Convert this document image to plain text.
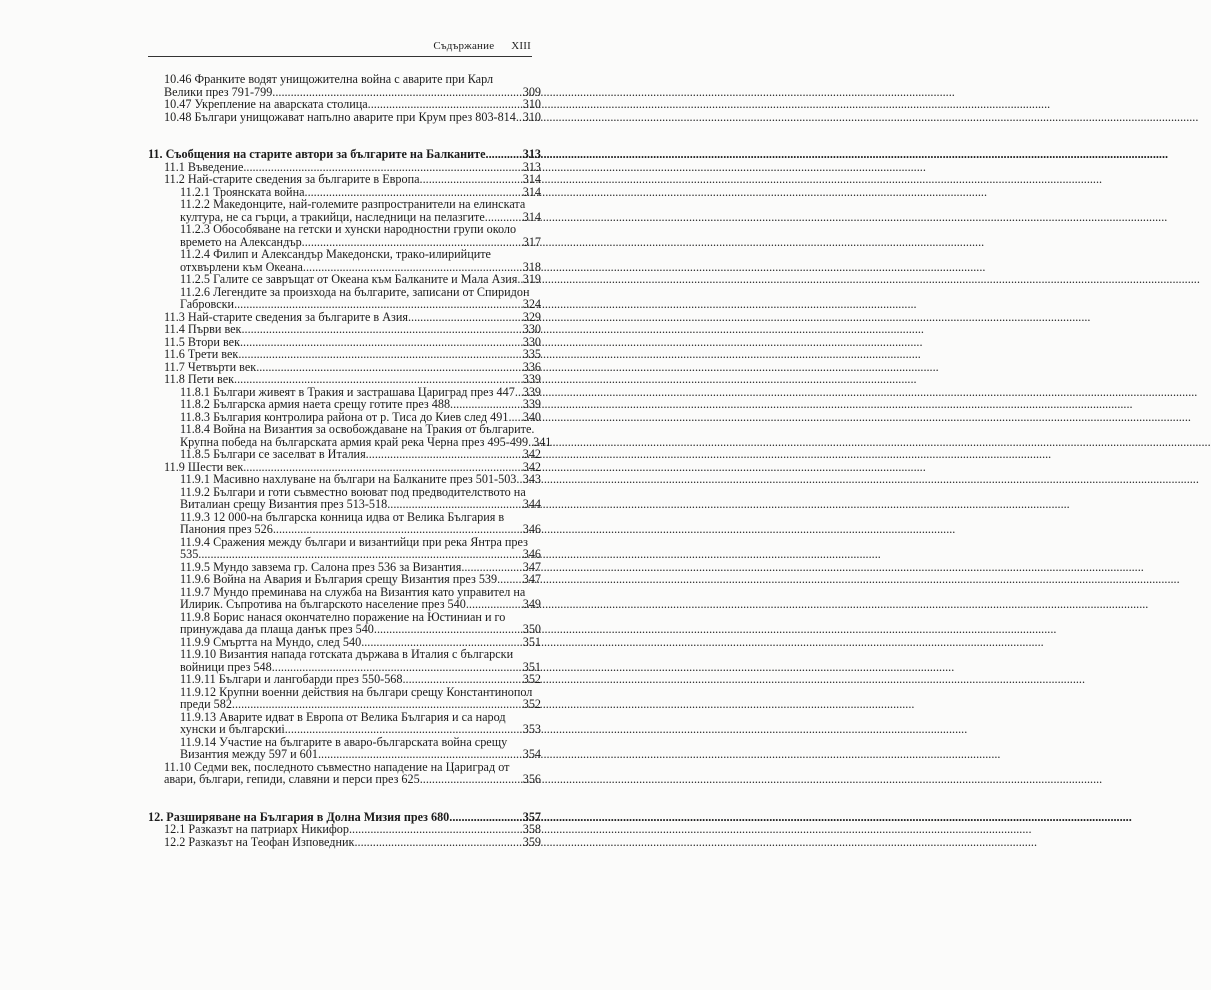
Съдържание XIII
10.46 Франките водят унищожителна война с аварите при Карл
Велики през 791-799 .....	309
10.47 Укрепление на аварската столица .....	310
10.48 Българи унищожават напълно аварите при Крум през 803-814 ..... 310
11. Съобщения на старите автори за българите на Балканите .....	313
11.1 Въведение .....	313
11.2 Най-старите сведения за българите в Европа .....	314
11.2.1 Троянската война .....	314
11.2.2 Македонците, най-големите разпространители на елинската
култура, не са гърци, а тракийци, наследници на пелазгите .....	314
11.2.3 Обособяване на гетски и хунски народностни групи около
времето на Александър .....	317
11.2.4 Филип и Александър Македонски, тракo-илирийците
отхвърлени към Океана .....	318
11.2.5 Галите се завръщат от Океана към Балканите и Мала Азия ..... 319
11.2.6 Легендите за произхода на българите, записани от Спиридон
Габровски .....	324
11.3 Най-старите сведения за българите в Азия .....	329
11.4 Първи век .....	330
11.5 Втори век .....	330
11.6 Трети век .....	335
11.7 Четвърти век .....	336
11.8 Пети век .....	339
11.8.1 Българи живеят в Тракия и застрашава Цариград през 447 ..... 339
11.8.2 Българска армия наета срещу готите през 488 .....	339
11.8.3 България контролира района от р. Тиса до Киев след 491 ..... 340
11.8.4 Война на Византия за освобождаване на Тракия от българите.
Крупна победа на българската армия край река Черна през 495-499 ..... 341
11.8.5 Българи се заселват в Италия. .....	342
11.9 Шести век .....	342
11.9.1 Масивно нахлуване на българи на Балканите през 501-503 ..... 343
11.9.2 Българи и готи съвместно воюват под предводителството на
Виталиан срещу Византия през 513-518 .....	344
11.9.3 12 000-на българска конница идва от Велика България в
Панония през 526 .....	346
11.9.4 Сражения между българи и византийци при река Янтра през
535 .....	346
11.9.5 Мундо завзема гр. Салона през 536 за Византия .....	347
11.9.6 Война на Авария и България срещу Византия през 539 ..... 347
11.9.7 Мундо преминава на служба на Византия като управител на
Илирик. Съпротива на българското население през 540 .....	349
11.9.8 Борис нанася окончателно поражение на Юстиниан и го
принуждава да плаща данък през 540 .....	350
11.9.9 Смъртта на Мундо, след 540 .....	351
11.9.10 Византия напада готската държава в Италия с български
войници през 548 .....	351
11.9.11 Българи и лангобарди през 550-568 .....	352
11.9.12 Крупни военни действия на българи срещу Константинопол
преди 582 .....	352
11.9.13 Аварите идват в Европа от Велика България и са народ
хунски и българскиі .....	353
11.9.14 Участие на българите в аваро-българската война срещу
Византия между 597 и 601 .....	354
11.10 Седми век, последното съвместно нападение на Цариград от
авари, българи, гепиди, славяни и перси през 625 .....	356
12. Разширяване на България в Долна Мизия през 680 .....	357
12.1 Разказът на патриарх Никифор .....	358
12.2 Разказът на Теофан Изповедник .....	359
